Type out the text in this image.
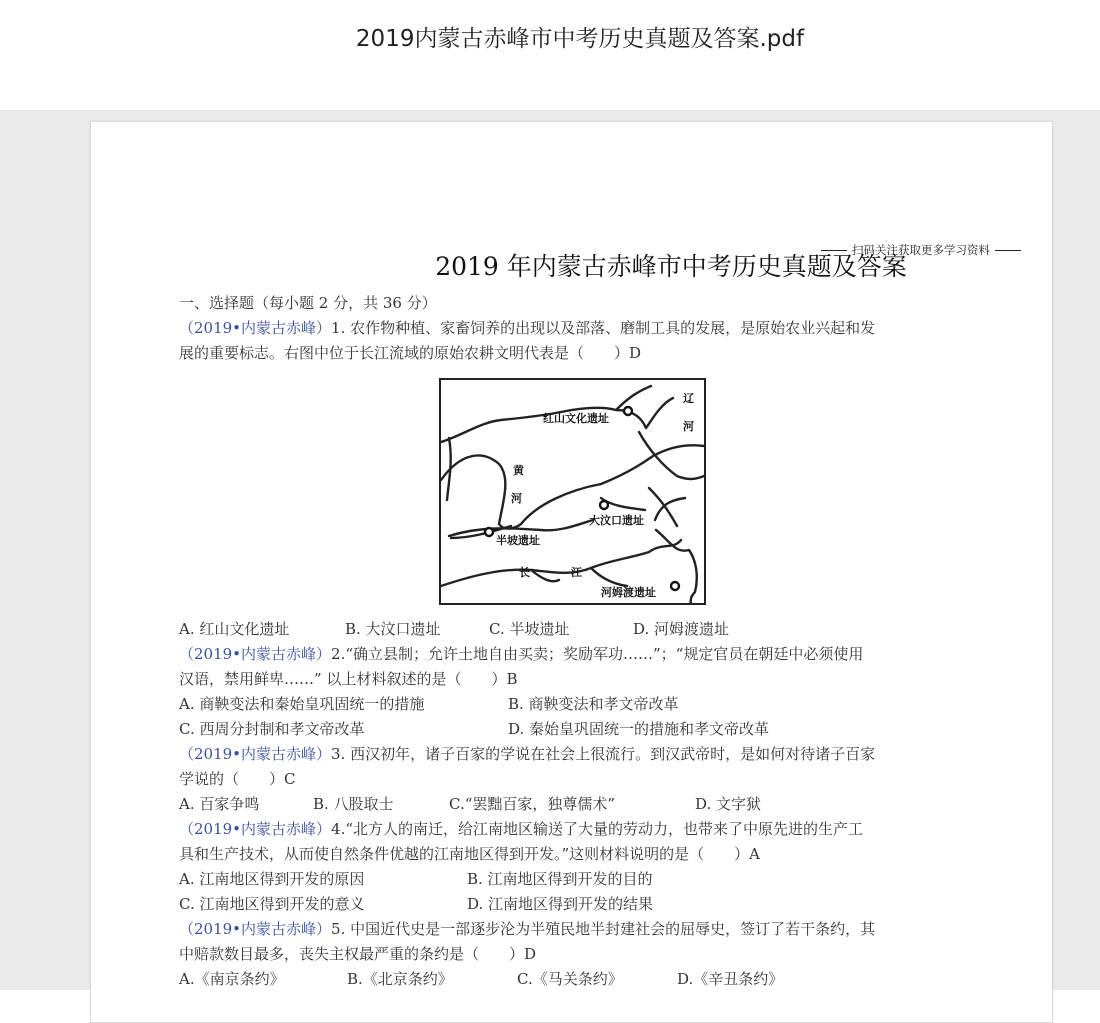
2019内蒙古赤峰市中考历史真题及答案.pdf
扫码关注获取更多学习资料
2019 年内蒙古赤峰市中考历史真题及答案
一、选择题（每小题 2 分，共 36 分）
（2019•内蒙古赤峰）1. 农作物种植、家畜饲养的出现以及部落、磨制工具的发展，是原始农业兴起和发
展的重要标志。右图中位于长江流域的原始农耕文明代表是（　　）D
红山文化遗址
辽
河
黄
河
大汶口遗址
半坡遗址
长	江
河姆渡遗址
A. 红山文化遗址	B. 大汶口遗址	C. 半坡遗址	D. 河姆渡遗址
（2019•内蒙古赤峰）2.“确立县制；允许土地自由买卖；奖励军功……”；“规定官员在朝廷中必须使用
汉语，禁用鲜卑……” 以上材料叙述的是（　　）B
A. 商鞅变法和秦始皇巩固统一的措施	B. 商鞅变法和孝文帝改革
C. 西周分封制和孝文帝改革	D. 秦始皇巩固统一的措施和孝文帝改革
（2019•内蒙古赤峰）3. 西汉初年，诸子百家的学说在社会上很流行。到汉武帝时，是如何对待诸子百家
学说的（　　）C
A. 百家争鸣	B. 八股取士	C.“罢黜百家，独尊儒术”	D. 文字狱
（2019•内蒙古赤峰）4.“北方人的南迁，给江南地区输送了大量的劳动力，也带来了中原先进的生产工
具和生产技术，从而使自然条件优越的江南地区得到开发。”这则材料说明的是（　　）A
A. 江南地区得到开发的原因	B. 江南地区得到开发的目的
C. 江南地区得到开发的意义	D. 江南地区得到开发的结果
（2019•内蒙古赤峰）5. 中国近代史是一部逐步沦为半殖民地半封建社会的屈辱史，签订了若干条约，其
中赔款数目最多，丧失主权最严重的条约是（　　）D
A.《南京条约》	B.《北京条约》	C.《马关条约》	D.《辛丑条约》
